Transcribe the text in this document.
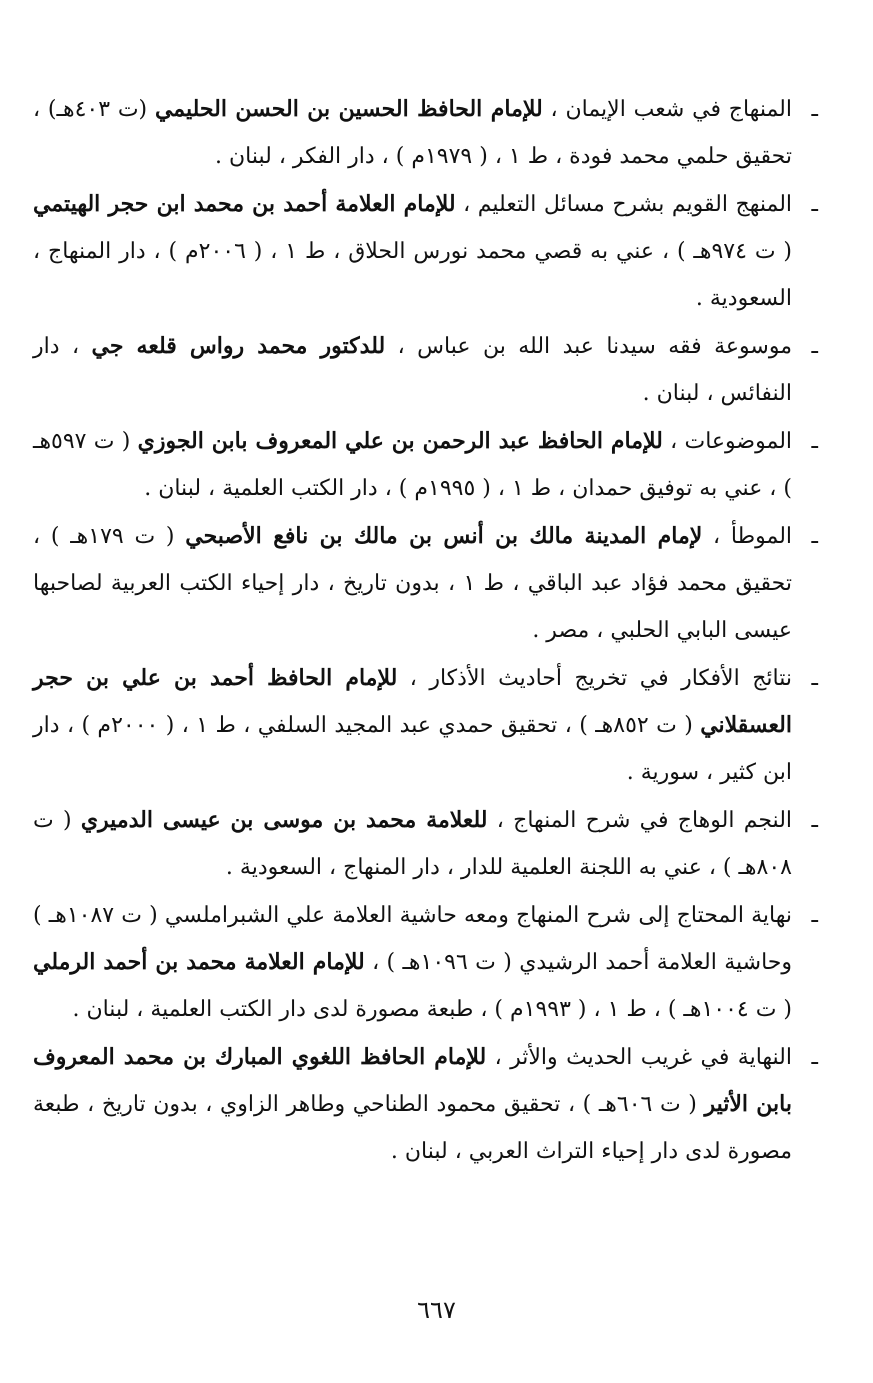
ـ
المنهاج في شعب الإيمان ، للإمام الحافظ الحسين بن الحسن الحليمي (ت ٤٠٣هـ) ، تحقيق حلمي محمد فودة ، ط ١ ، ( ١٩٧٩م ) ، دار الفكر ، لبنان .
ـ
المنهج القويم بشرح مسائل التعليم ، للإمام العلامة أحمد بن محمد ابن حجر الهيتمي ( ت ٩٧٤هـ ) ، عني به قصي محمد نورس الحلاق ، ط ١ ، ( ٢٠٠٦م ) ، دار المنهاج ، السعودية .
ـ
موسوعة فقه سيدنا عبد الله بن عباس ، للدكتور محمد رواس قلعه جي ، دار النفائس ، لبنان .
ـ
الموضوعات ، للإمام الحافظ عبد الرحمن بن علي المعروف بابن الجوزي ( ت ٥٩٧هـ ) ، عني به توفيق حمدان ، ط ١ ، ( ١٩٩٥م ) ، دار الكتب العلمية ، لبنان .
ـ
الموطأ ، لإمام المدينة مالك بن أنس بن مالك بن نافع الأصبحي ( ت ١٧٩هـ ) ، تحقيق محمد فؤاد عبد الباقي ، ط ١ ، بدون تاريخ ، دار إحياء الكتب العربية لصاحبها عيسى البابي الحلبي ، مصر .
ـ
نتائج الأفكار في تخريج أحاديث الأذكار ، للإمام الحافظ أحمد بن علي بن حجر العسقلاني ( ت ٨٥٢هـ ) ، تحقيق حمدي عبد المجيد السلفي ، ط ١ ، ( ٢٠٠٠م ) ، دار ابن كثير ، سورية .
ـ
النجم الوهاج في شرح المنهاج ، للعلامة محمد بن موسى بن عيسى الدميري ( ت ٨٠٨هـ ) ، عني به اللجنة العلمية للدار ، دار المنهاج ، السعودية .
ـ
نهاية المحتاج إلى شرح المنهاج ومعه حاشية العلامة علي الشبراملسي ( ت ١٠٨٧هـ ) وحاشية العلامة أحمد الرشيدي ( ت ١٠٩٦هـ ) ، للإمام العلامة محمد بن أحمد الرملي ( ت ١٠٠٤هـ ) ، ط ١ ، ( ١٩٩٣م ) ، طبعة مصورة لدى دار الكتب العلمية ، لبنان .
ـ
النهاية في غريب الحديث والأثر ، للإمام الحافظ اللغوي المبارك بن محمد المعروف بابن الأثير ( ت ٦٠٦هـ ) ، تحقيق محمود الطناحي وطاهر الزاوي ، بدون تاريخ ، طبعة مصورة لدى دار إحياء التراث العربي ، لبنان .
٦٦٧
